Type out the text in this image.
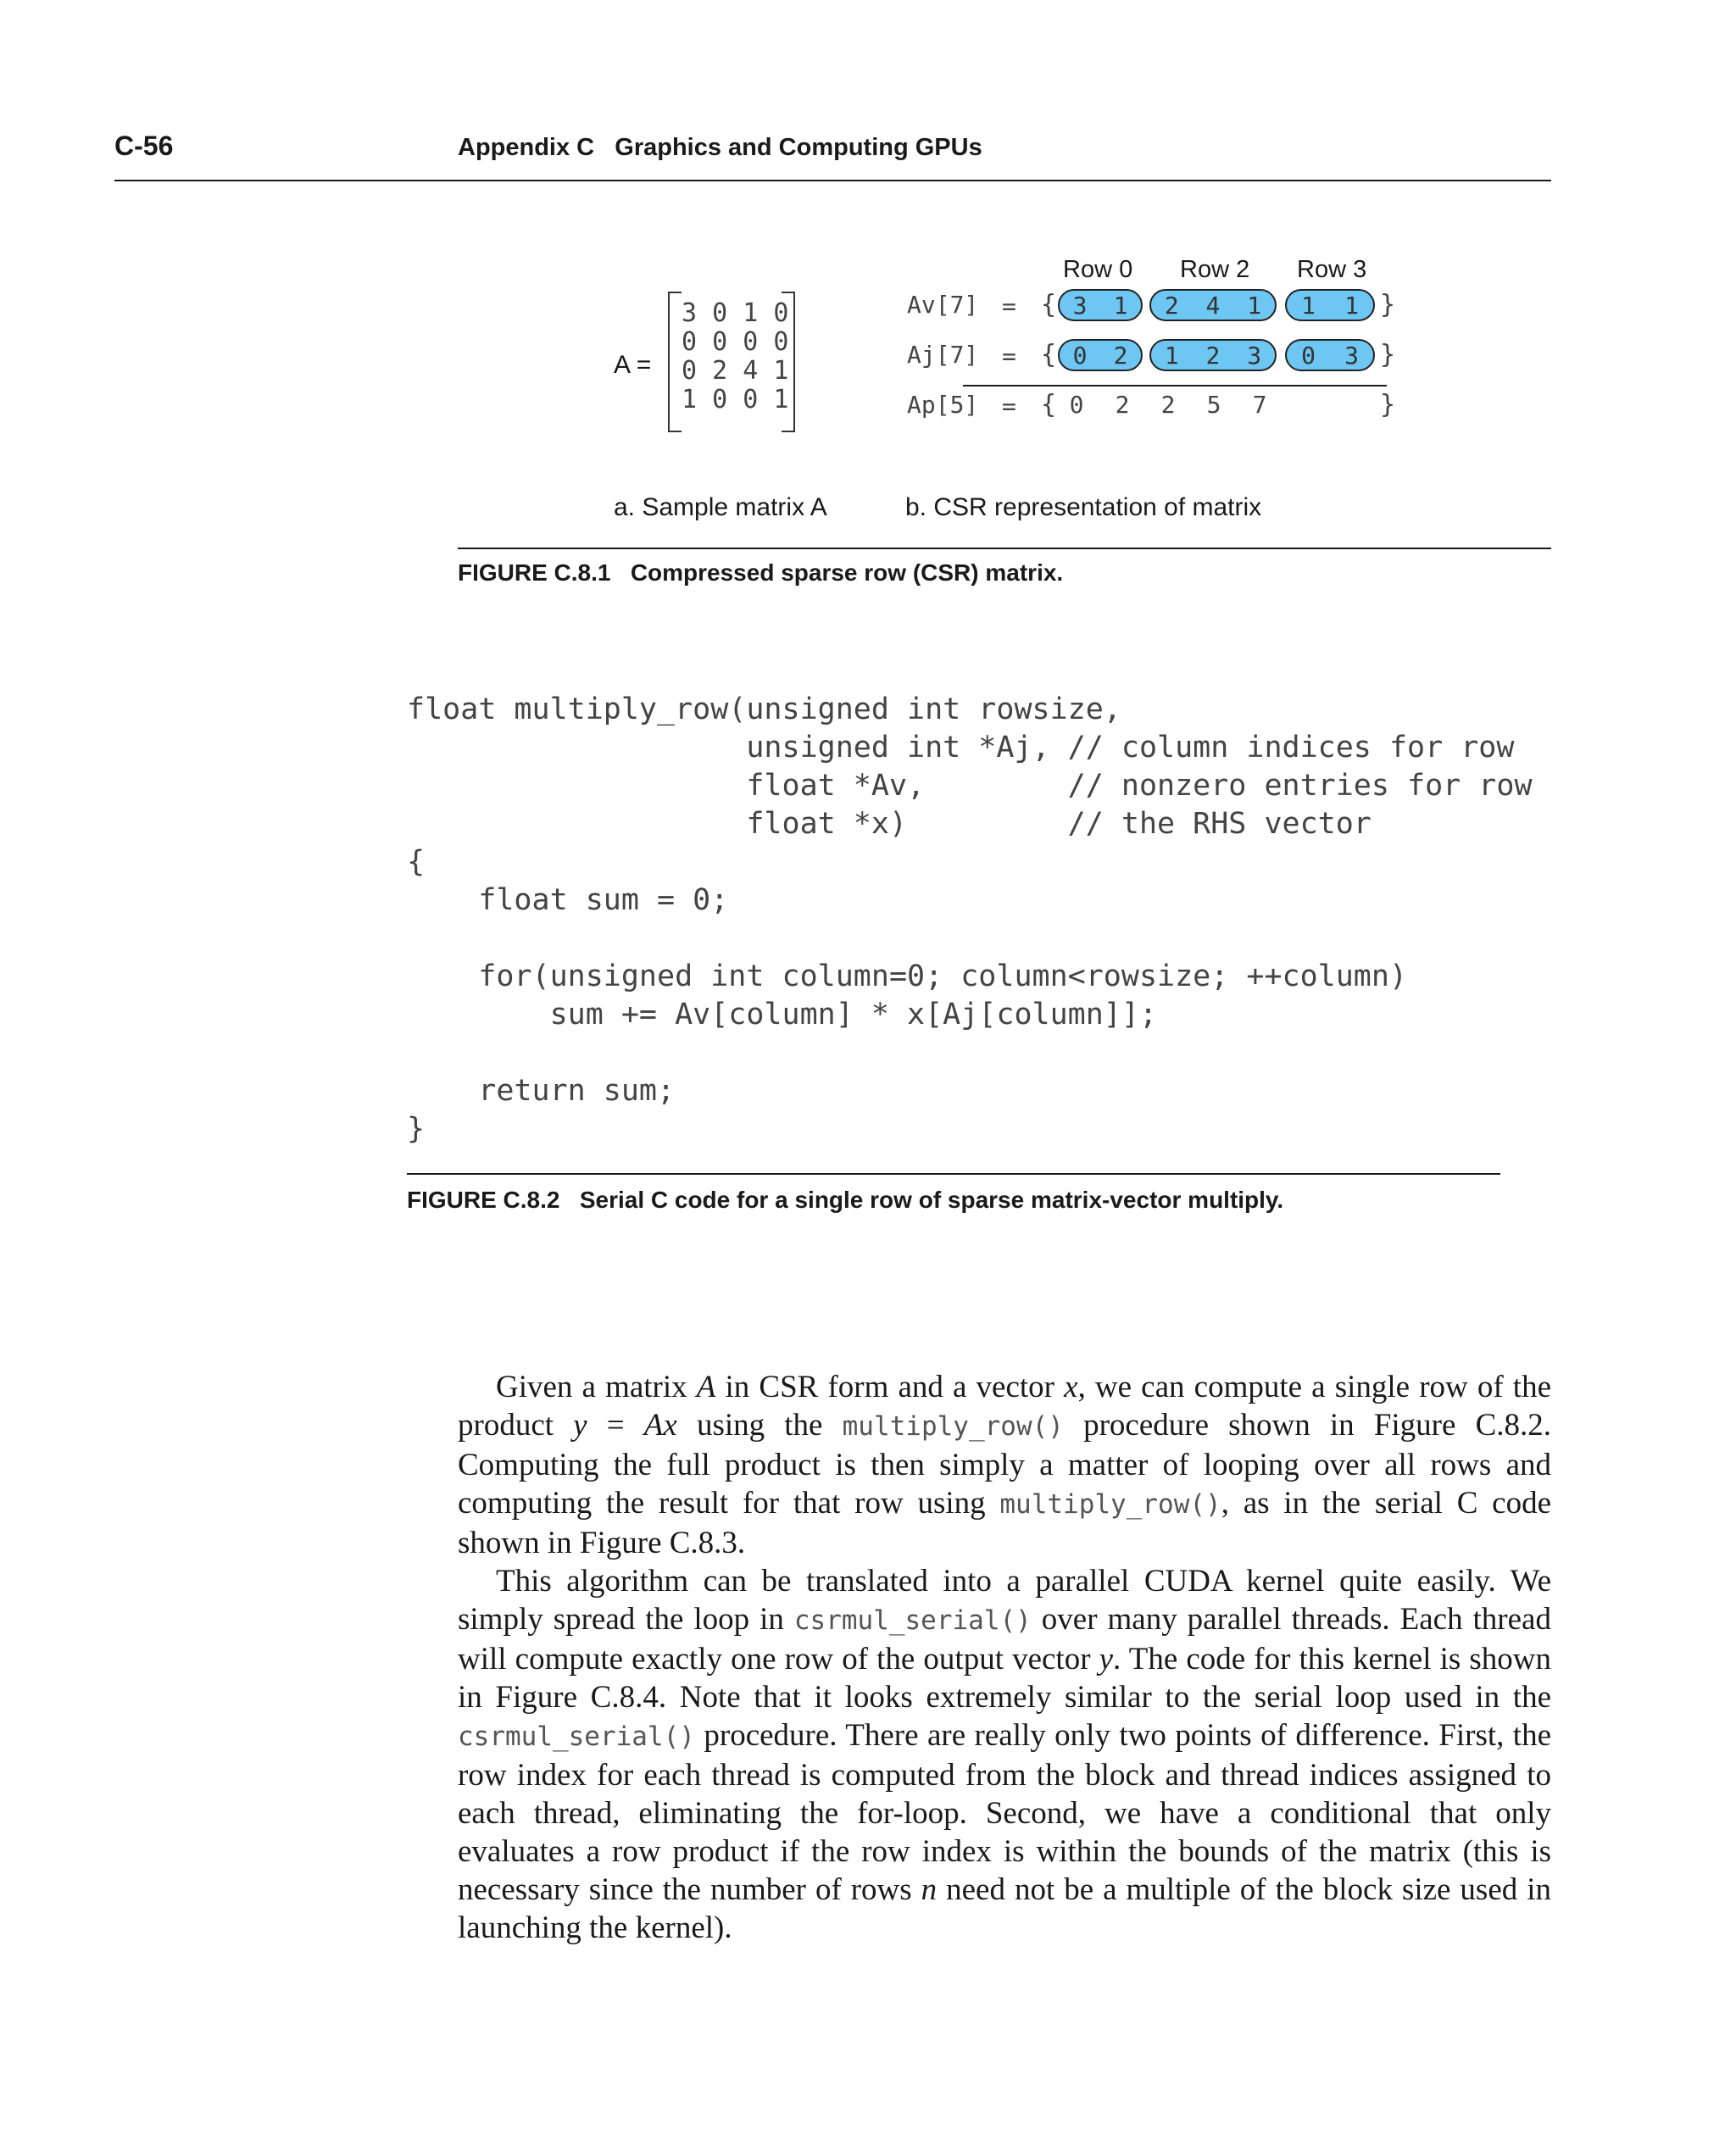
C-56	Appendix C   Graphics and Computing GPUs
A =
3 0 1 0
0 0 0 0
0 2 4 1
1 0 0 1
Row 0 Row 2 Row 3
Av[7] = { 3 1 2 4 1 1 1 }
Aj[7] = { 0 2 1 2 3 0 3 }
Ap[5] = { 0	2	2	5	7	}
a. Sample matrix A	b. CSR representation of matrix
FIGURE C.8.1   Compressed sparse row (CSR) matrix.
float multiply_row(unsigned int rowsize,
unsigned int *Aj, // column indices for row
float *Av,        // nonzero entries for row
float *x)         // the RHS vector
{
float sum = 0;

for(unsigned int column=0; column<rowsize; ++column)
sum += Av[column] * x[Aj[column]];

return sum;
}
FIGURE C.8.2   Serial C code for a single row of sparse matrix-vector multiply.

Given a matrix A in CSR form and a vector x, we can compute a single row of the product y = Ax using the multiply_row() procedure shown in Figure C.8.2. Computing the full product is then simply a matter of looping over all rows and computing the result for that row using multiply_row(), as in the serial C code shown in Figure C.8.3.

This algorithm can be translated into a parallel CUDA kernel quite easily. We simply spread the loop in csrmul_serial() over many parallel threads. Each thread will compute exactly one row of the output vector y. The code for this kernel is shown in Figure C.8.4. Note that it looks extremely similar to the serial loop used in the csrmul_serial() procedure. There are really only two points of difference. First, the row index for each thread is computed from the block and thread indices assigned to each thread, eliminating the for-loop. Second, we have a conditional that only evaluates a row product if the row index is within the bounds of the matrix (this is necessary since the number of rows n need not be a multiple of the block size used in launching the kernel).
